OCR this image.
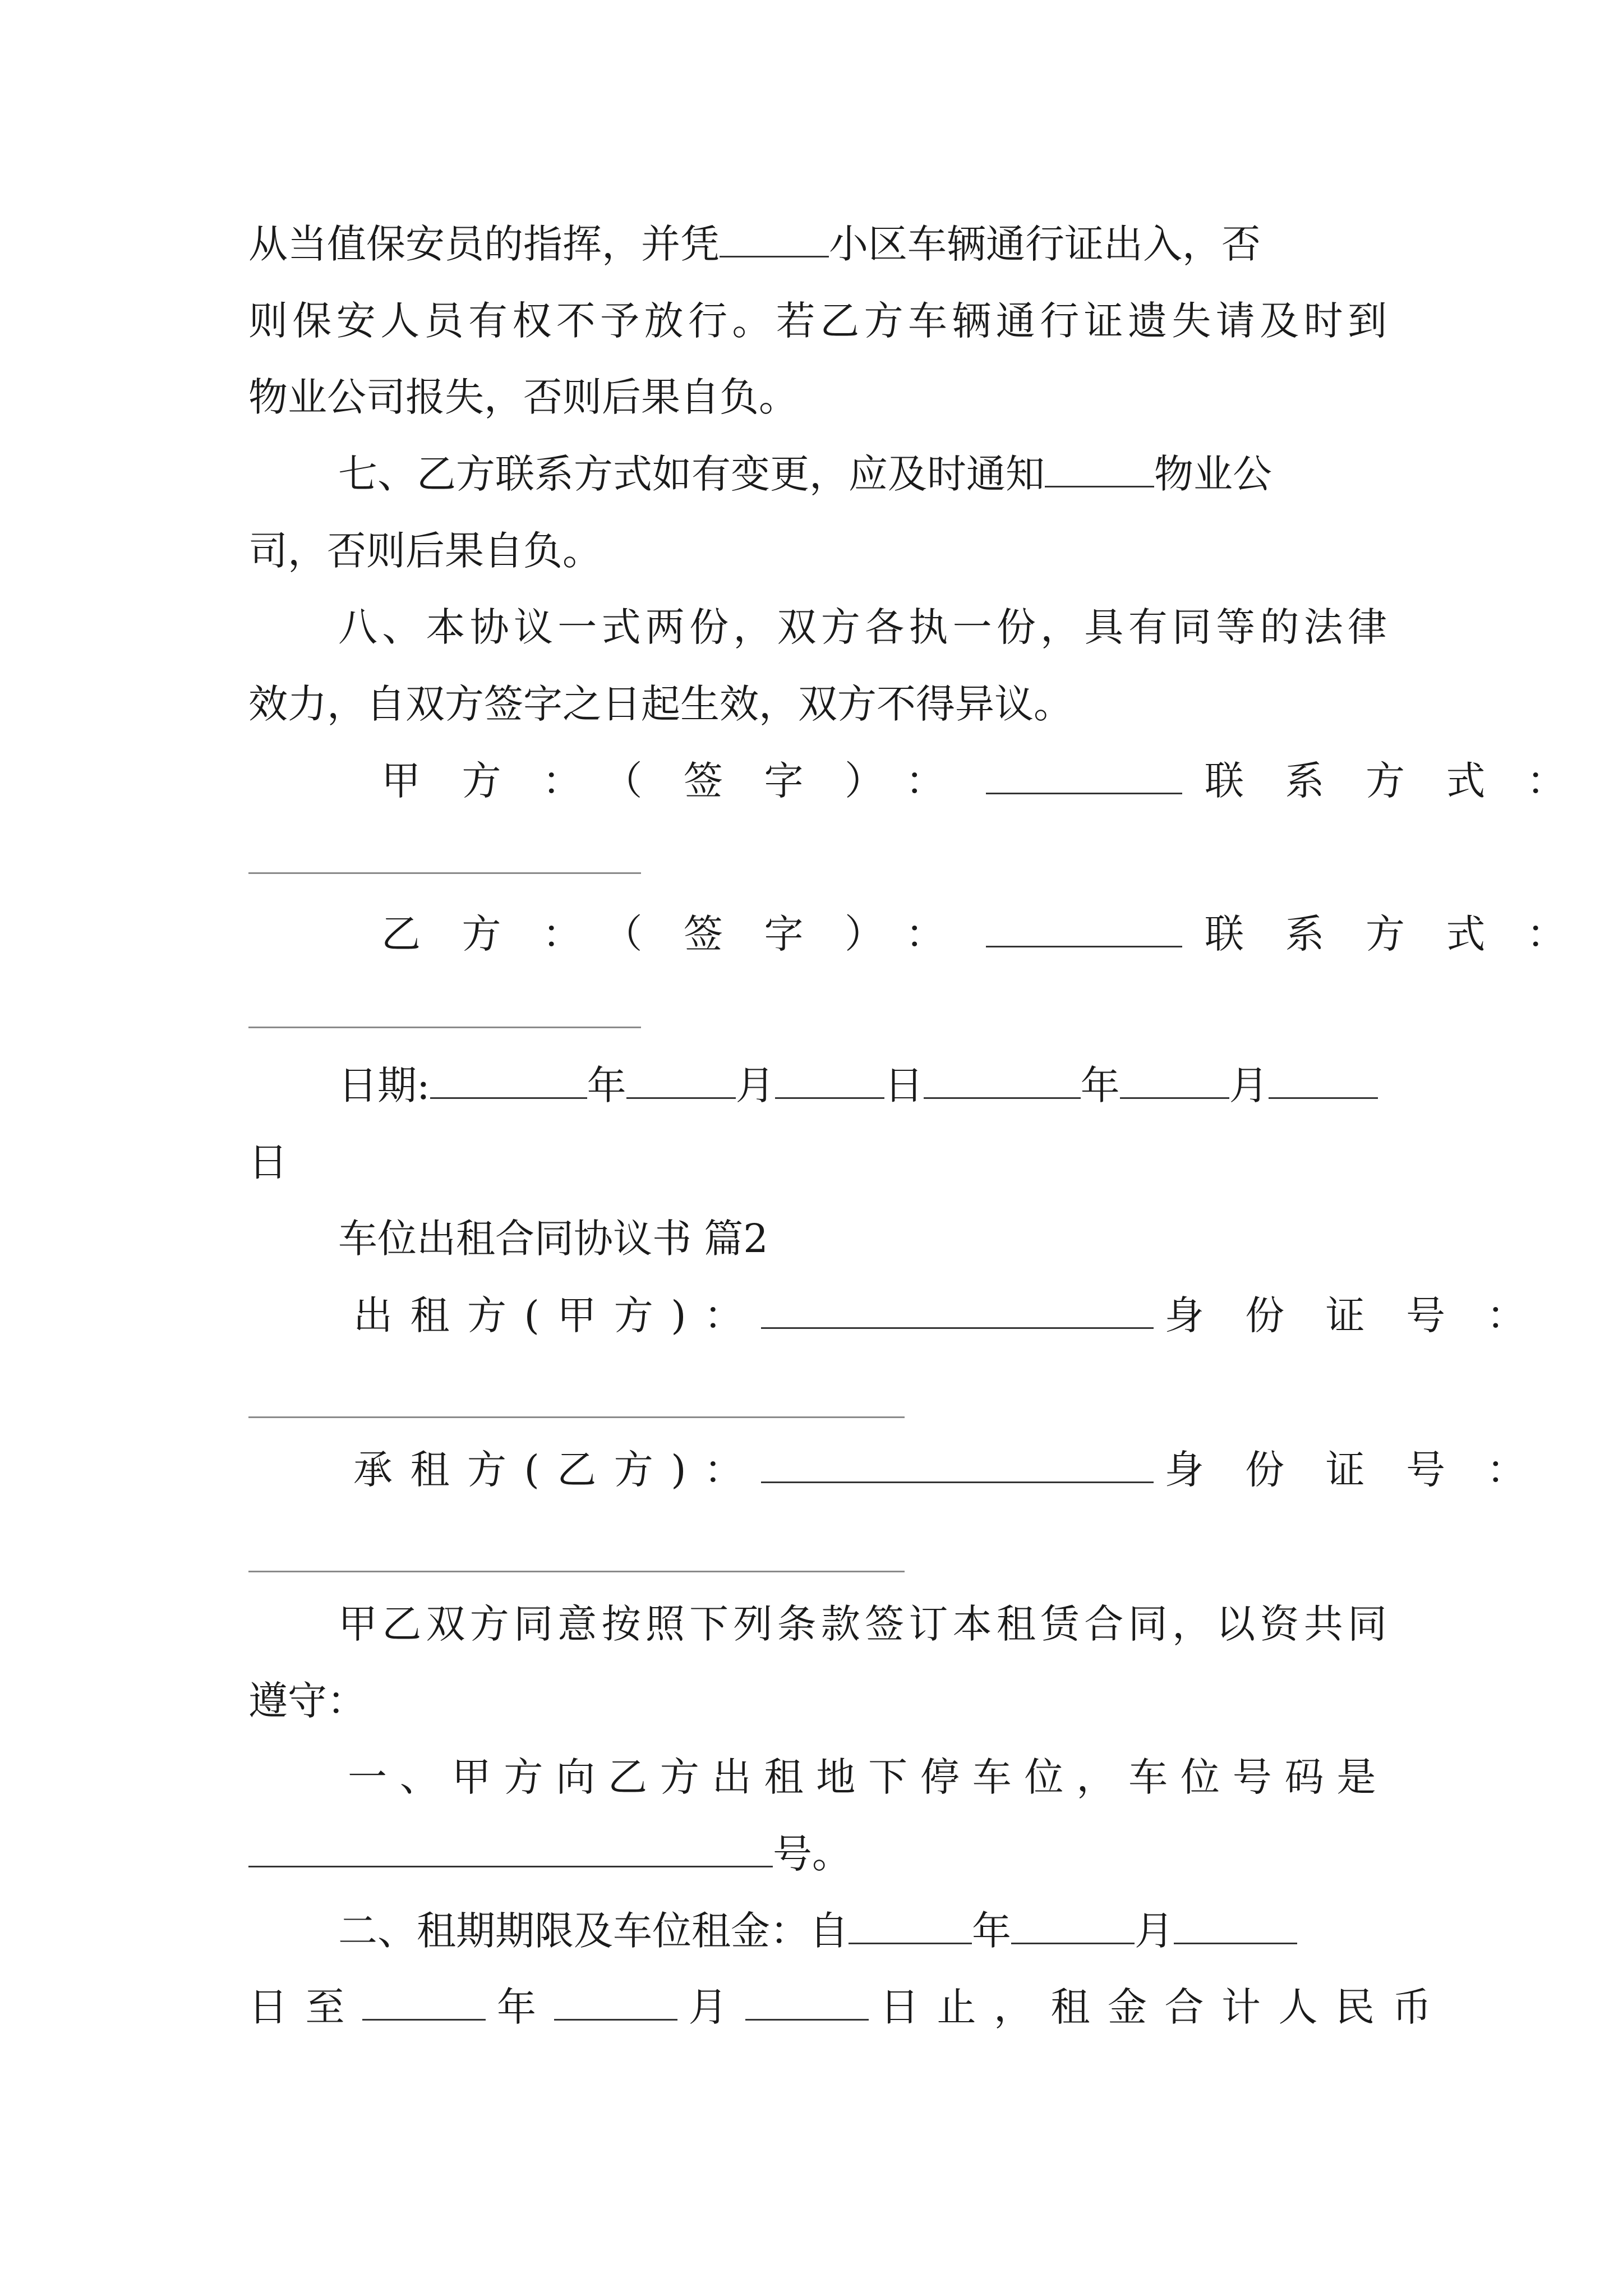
从当值保安员的指挥，并凭	小区车辆通行证出入，否
则保安人员有权不予放行。若乙方车辆通行证遗失请及时到
物业公司报失，否则后果自负。
七、乙方联系方式如有变更，应及时通知	物业公
司，否则后果自负。
八、本协议一式两份，双方各执一份，具有同等的法律
效力，自双方签字之日起生效，双方不得异议。
甲方：（签字）：	联系方式：
乙方：（签字）：	联系方式：
日期:	年	月	日	年	月
日
车位出租合同协议书 篇2
出租方(甲方)：	身份证号：
承租方(乙方)：	身份证号：
甲乙双方同意按照下列条款签订本租赁合同，以资共同
遵守：
一、甲方向乙方出租地下停车位，车位号码是
号。
二、租期期限及车位租金：自	年	月
日至	年	月	日止，租金合计人民币
